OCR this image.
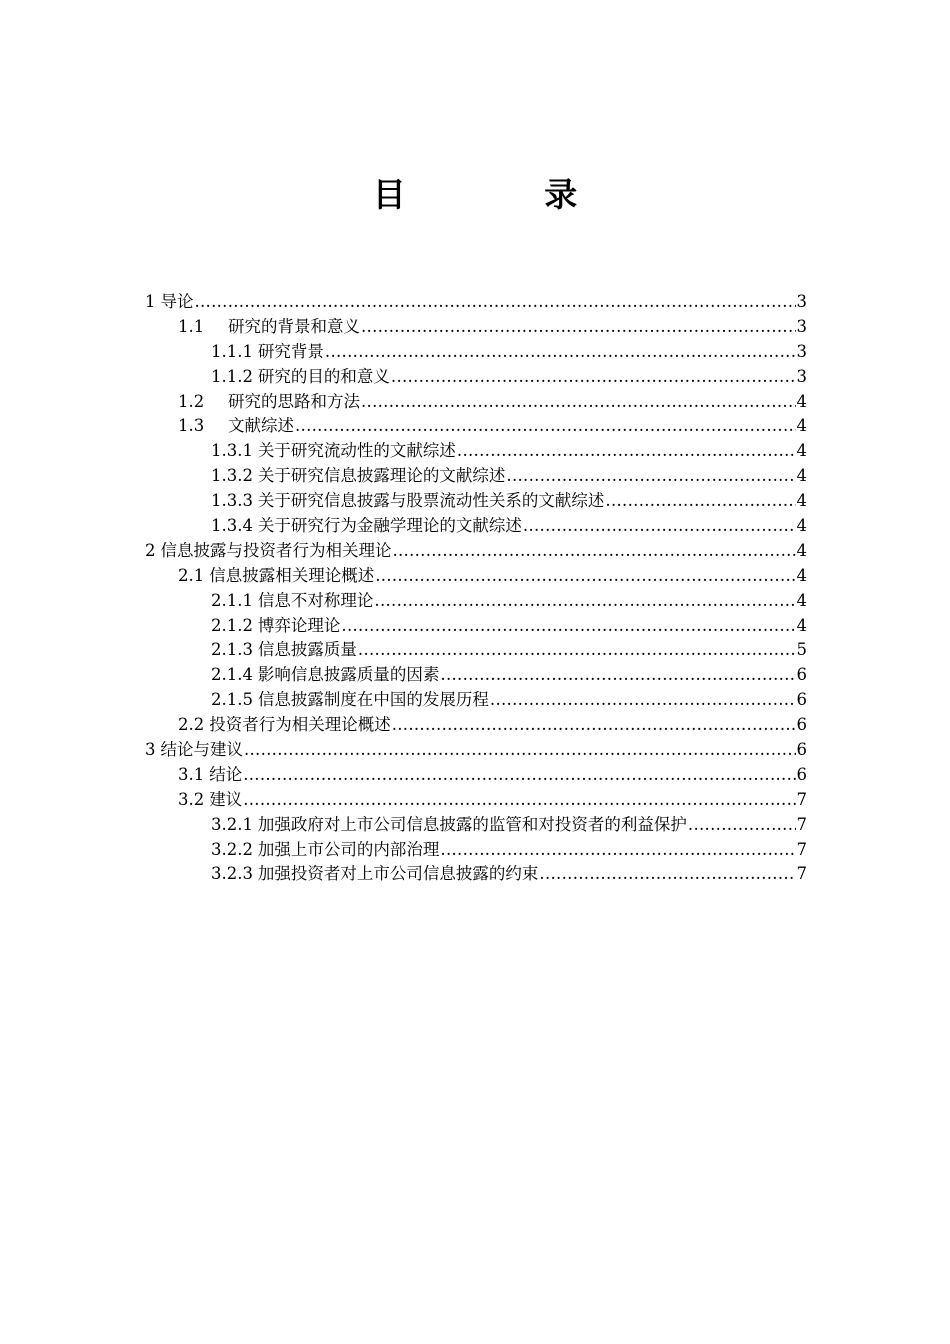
目　录
1 导论 .....	3
1.1	研究的背景和意义 .....	3
1.1.1 研究背景 .....	3
1.1.2 研究的目的和意义 .....	3
1.2	研究的思路和方法 .....	4
1.3	文献综述 .....	4
1.3.1 关于研究流动性的文献综述 .....	4
1.3.2 关于研究信息披露理论的文献综述 .....	4
1.3.3 关于研究信息披露与股票流动性关系的文献综述 .....	4
1.3.4 关于研究行为金融学理论的文献综述 .....	4
2 信息披露与投资者行为相关理论 .....	4
2.1 信息披露相关理论概述 .....	4
2.1.1 信息不对称理论 .....	4
2.1.2 博弈论理论 .....	4
2.1.3 信息披露质量 .....	5
2.1.4 影响信息披露质量的因素 .....	6
2.1.5 信息披露制度在中国的发展历程 .....	6
2.2 投资者行为相关理论概述 .....	6
3 结论与建议 .....	6
3.1 结论 .....	6
3.2 建议 .....	7
3.2.1 加强政府对上市公司信息披露的监管和对投资者的利益保护 .....	7
3.2.2 加强上市公司的内部治理 .....	7
3.2.3 加强投资者对上市公司信息披露的约束 .....	7
